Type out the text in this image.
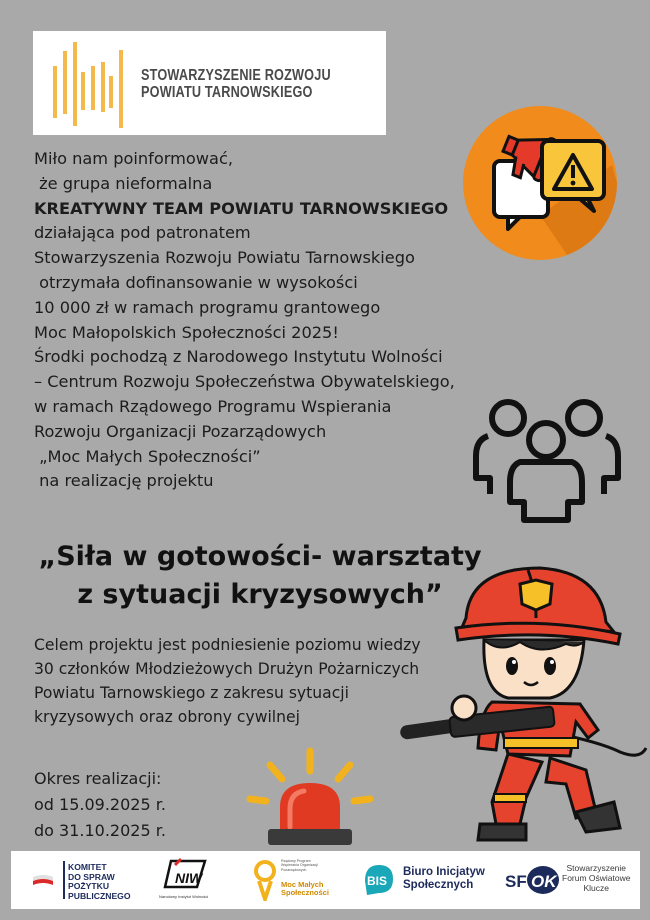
STOWARZYSZENIE ROZWOJU
POWIATU TARNOWSKIEGO
Miło nam poinformować,
że grupa nieformalna
KREATYWNY TEAM POWIATU TARNOWSKIEGO
działająca pod patronatem
Stowarzyszenia Rozwoju Powiatu Tarnowskiego
otrzymała dofinansowanie w wysokości
10 000 zł w ramach programu grantowego
Moc Małopolskich Społeczności 2025!
Środki pochodzą z Narodowego Instytutu Wolności
– Centrum Rozwoju Społeczeństwa Obywatelskiego,
w ramach Rządowego Programu Wspierania
Rozwoju Organizacji Pozarządowych
„Moc Małych Społeczności”
na realizację projektu
„Siła w gotowości- warsztaty
z sytuacji kryzysowych”
Celem projektu jest podniesienie poziomu wiedzy
30 członków Młodzieżowych Drużyn Pożarniczych
Powiatu Tarnowskiego z zakresu sytuacji
kryzysowych oraz obrony cywilnej
Okres realizacji:
od 15.09.2025 r.
do 31.10.2025 r.
KOMITET
DO SPRAW
POŻYTKU
PUBLICZNEGO
NIW
Narodowy Instytut Wolności
Rządowy Program
Wspierania Organizacji
Pozarządowych
Moc Małych
Społeczności
BIS
Biuro Inicjatyw
Społecznych	SF OK
Stowarzyszenie
Forum Oświatowe
Klucze
